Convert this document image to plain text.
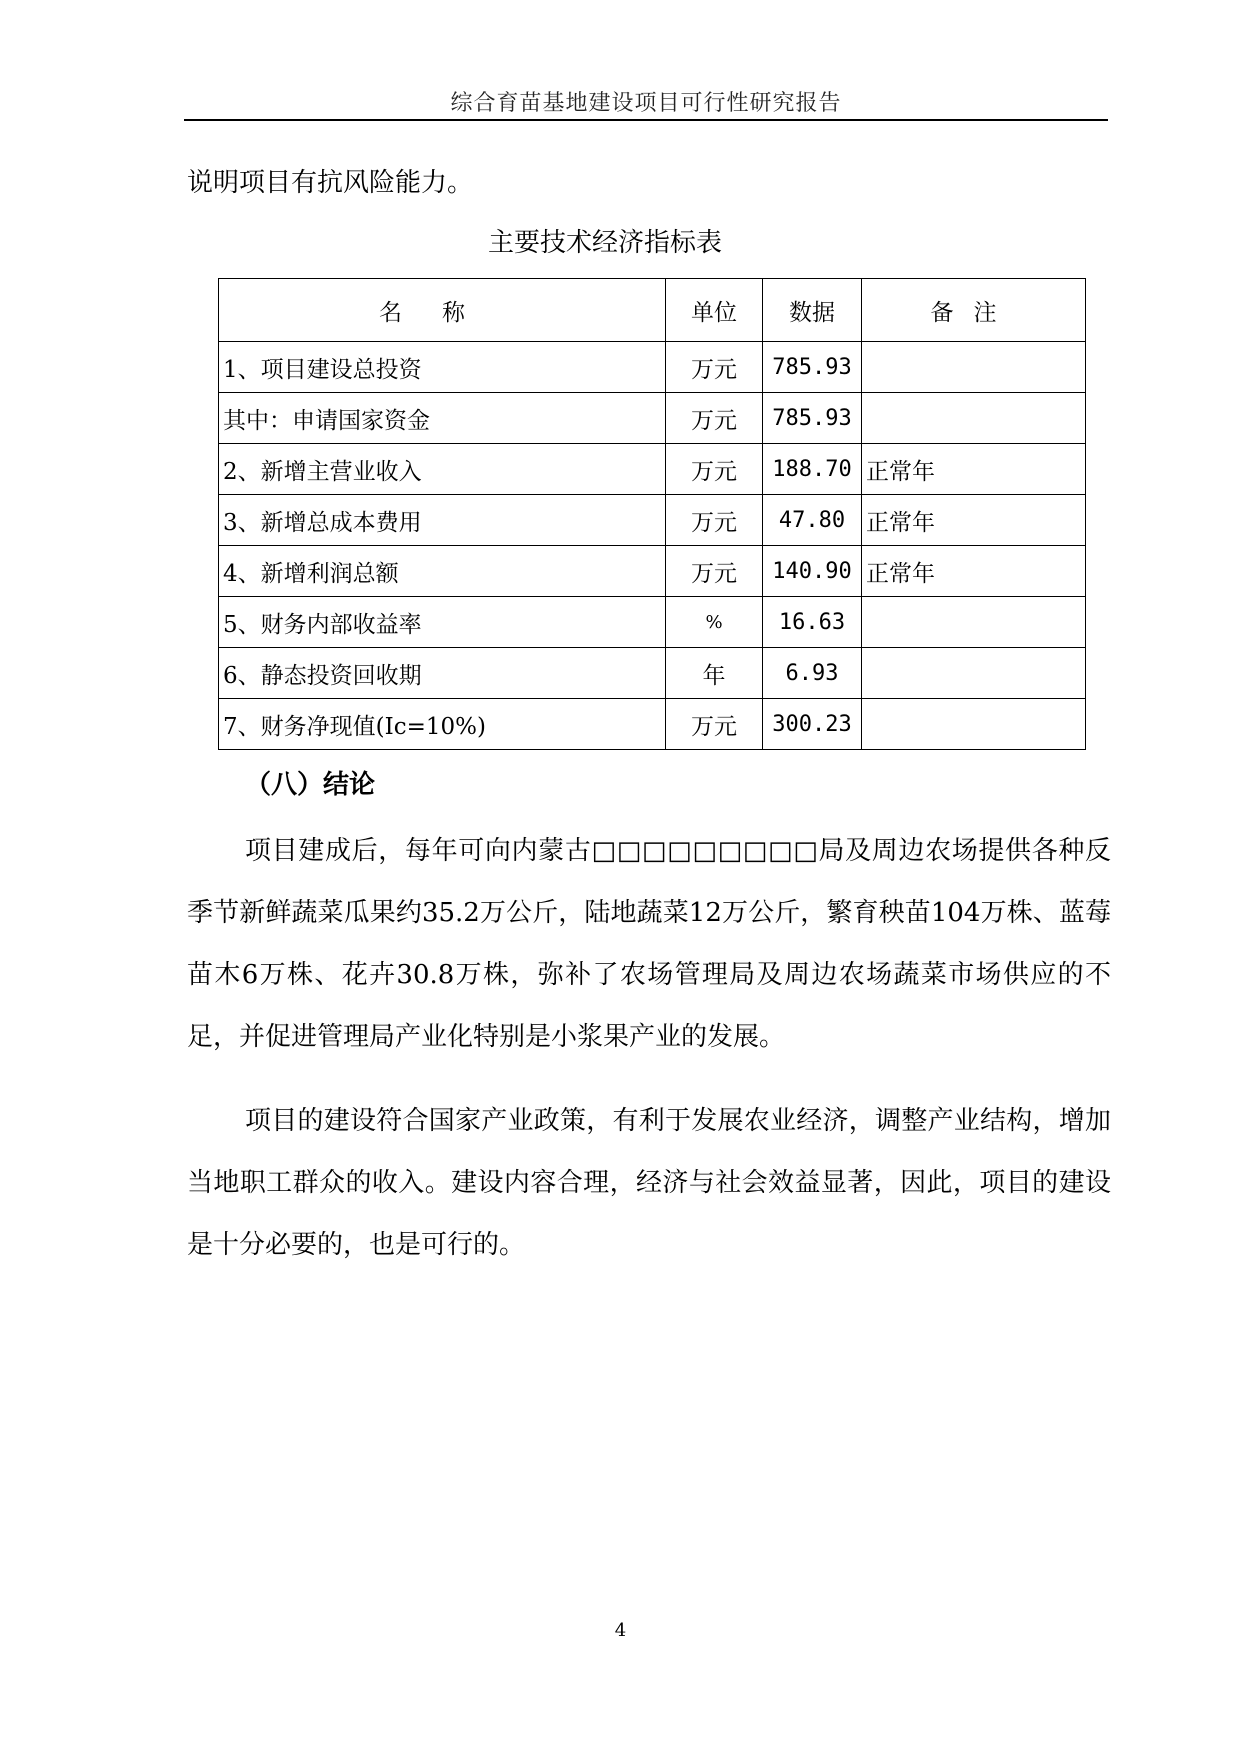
综合育苗基地建设项目可行性研究报告
说明项目有抗风险能力。
主要技术经济指标表
名称	单位	数据	备注
1、项目建设总投资	万元	785.93	
其中：申请国家资金	万元	785.93	
2、新增主营业收入	万元	188.70	正常年
3、新增总成本费用	万元	47.80	正常年
4、新增利润总额	万元	140.90	正常年
5、财务内部收益率	%	16.63	
6、静态投资回收期	年	6.93	
7、财务净现值(Ic=10%)	万元	300.23	
（八）结论
项目建成后，每年可向内蒙古□□□□□□□□□局及周边农场提供各种反季节新鲜蔬菜瓜果约35.2万公斤，陆地蔬菜12万公斤，繁育秧苗104万株、蓝莓苗木6万株、花卉30.8万株，弥补了农场管理局及周边农场蔬菜市场供应的不足，并促进管理局产业化特别是小浆果产业的发展。
项目的建设符合国家产业政策，有利于发展农业经济，调整产业结构，增加当地职工群众的收入。建设内容合理，经济与社会效益显著，因此，项目的建设是十分必要的，也是可行的。
4
